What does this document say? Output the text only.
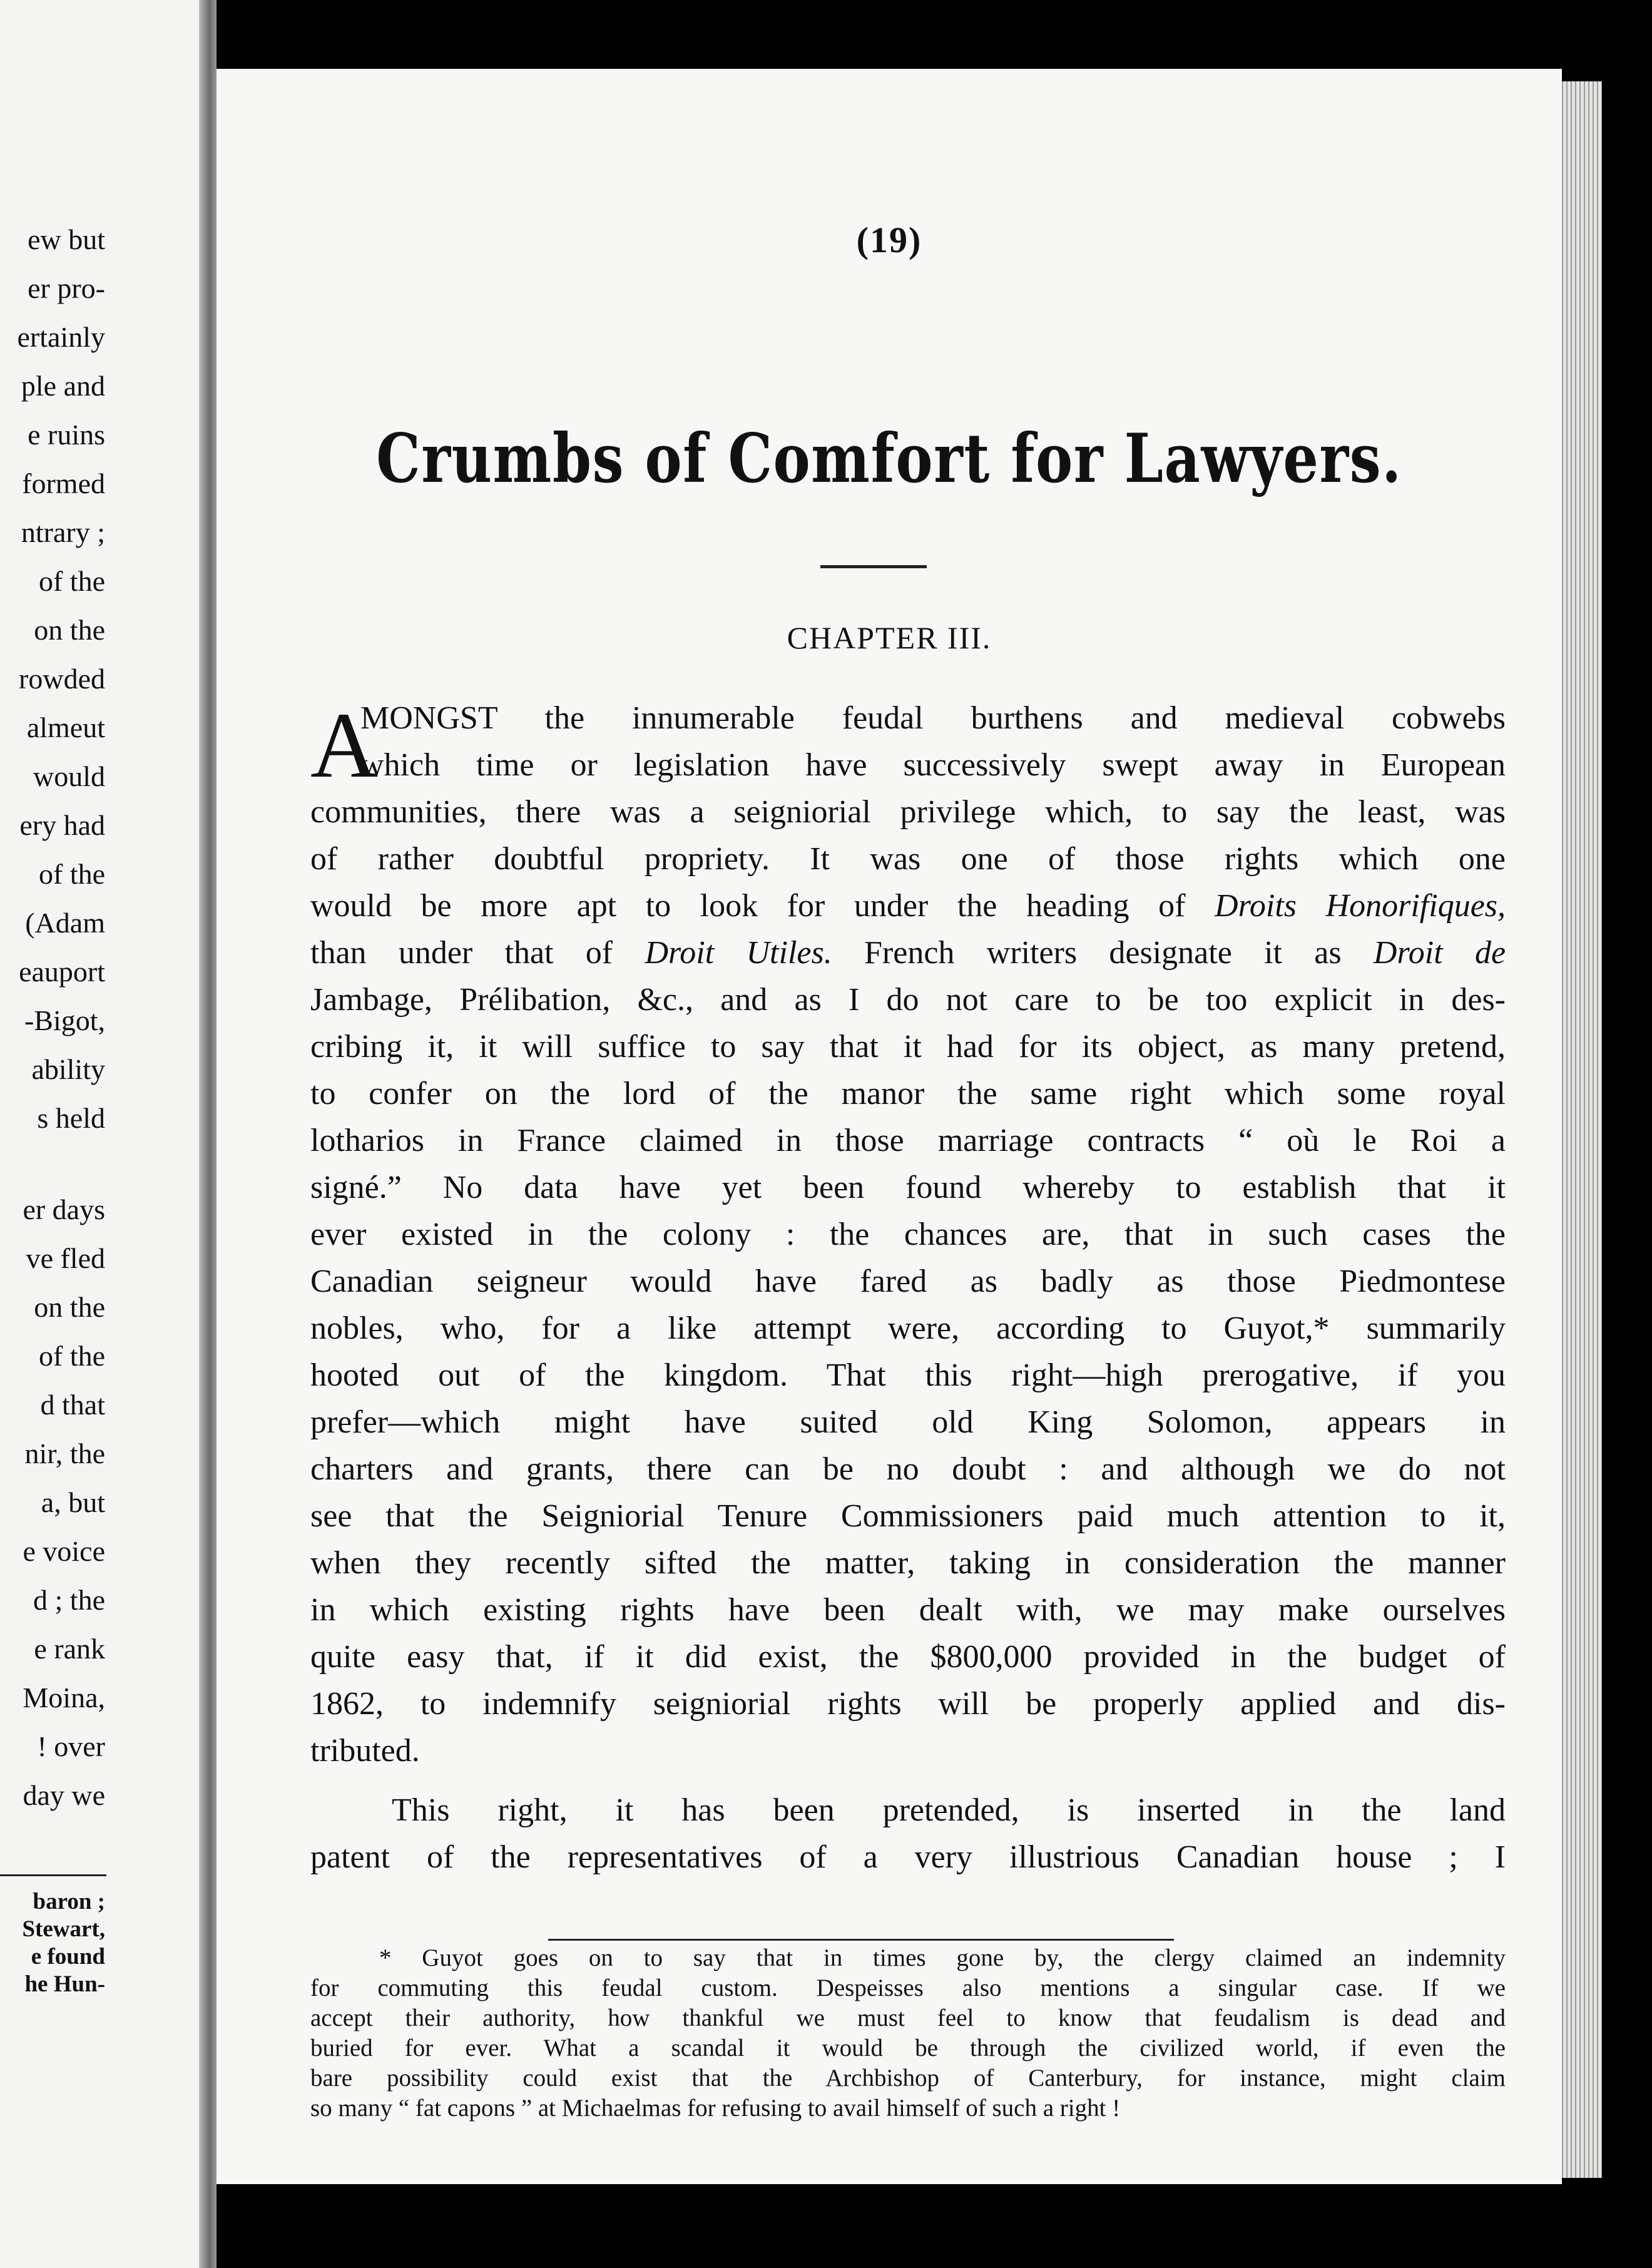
ew but
er pro-
ertainly
ple and
e ruins
formed
ntrary ;
of the
on the
rowded
almeut
would
ery had
of the
(Adam
eauport
-Bigot,
ability
s held
er days
ve fled
on the
of the
d that
nir, the
a, but
e voice
d ; the
e rank
Moina,
! over
day we
baron ;
Stewart,
e found
he Hun-
(19)
Crumbs of Comfort for Lawyers.
CHAPTER III.
A
MONGST the innumerable feudal burthens and medieval cobwebs
which time or legislation have successively swept away in European
communities, there was a seigniorial privilege which, to say the least, was
of rather doubtful propriety. It was one of those rights which one
would be more apt to look for under the heading of Droits Honorifiques,
than under that of Droit Utiles. French writers designate it as Droit de
Jambage, Prélibation, &c., and as I do not care to be too explicit in des-
cribing it, it will suffice to say that it had for its object, as many pretend,
to confer on the lord of the manor the same right which some royal
lotharios in France claimed in those marriage contracts “ où le Roi a
signé.” No data have yet been found whereby to establish that it
ever existed in the colony : the chances are, that in such cases the
Canadian seigneur would have fared as badly as those Piedmontese
nobles, who, for a like attempt were, according to Guyot,* summarily
hooted out of the kingdom. That this right—high prerogative, if you
prefer—which might have suited old King Solomon, appears in
charters and grants, there can be no doubt : and although we do not
see that the Seigniorial Tenure Commissioners paid much attention to it,
when they recently sifted the matter, taking in consideration the manner
in which existing rights have been dealt with, we may make ourselves
quite easy that, if it did exist, the $800,000 provided in the budget of
1862, to indemnify seigniorial rights will be properly applied and dis-
tributed.
This right, it has been pretended, is inserted in the land
patent of the representatives of a very illustrious Canadian house ; I
* Guyot goes on to say that in times gone by, the clergy claimed an indemnity
for commuting this feudal custom. Despeisses also mentions a singular case. If we
accept their authority, how thankful we must feel to know that feudalism is dead and
buried for ever. What a scandal it would be through the civilized world, if even the
bare possibility could exist that the Archbishop of Canterbury, for instance, might claim
so many “ fat capons ” at Michaelmas for refusing to avail himself of such a right !
